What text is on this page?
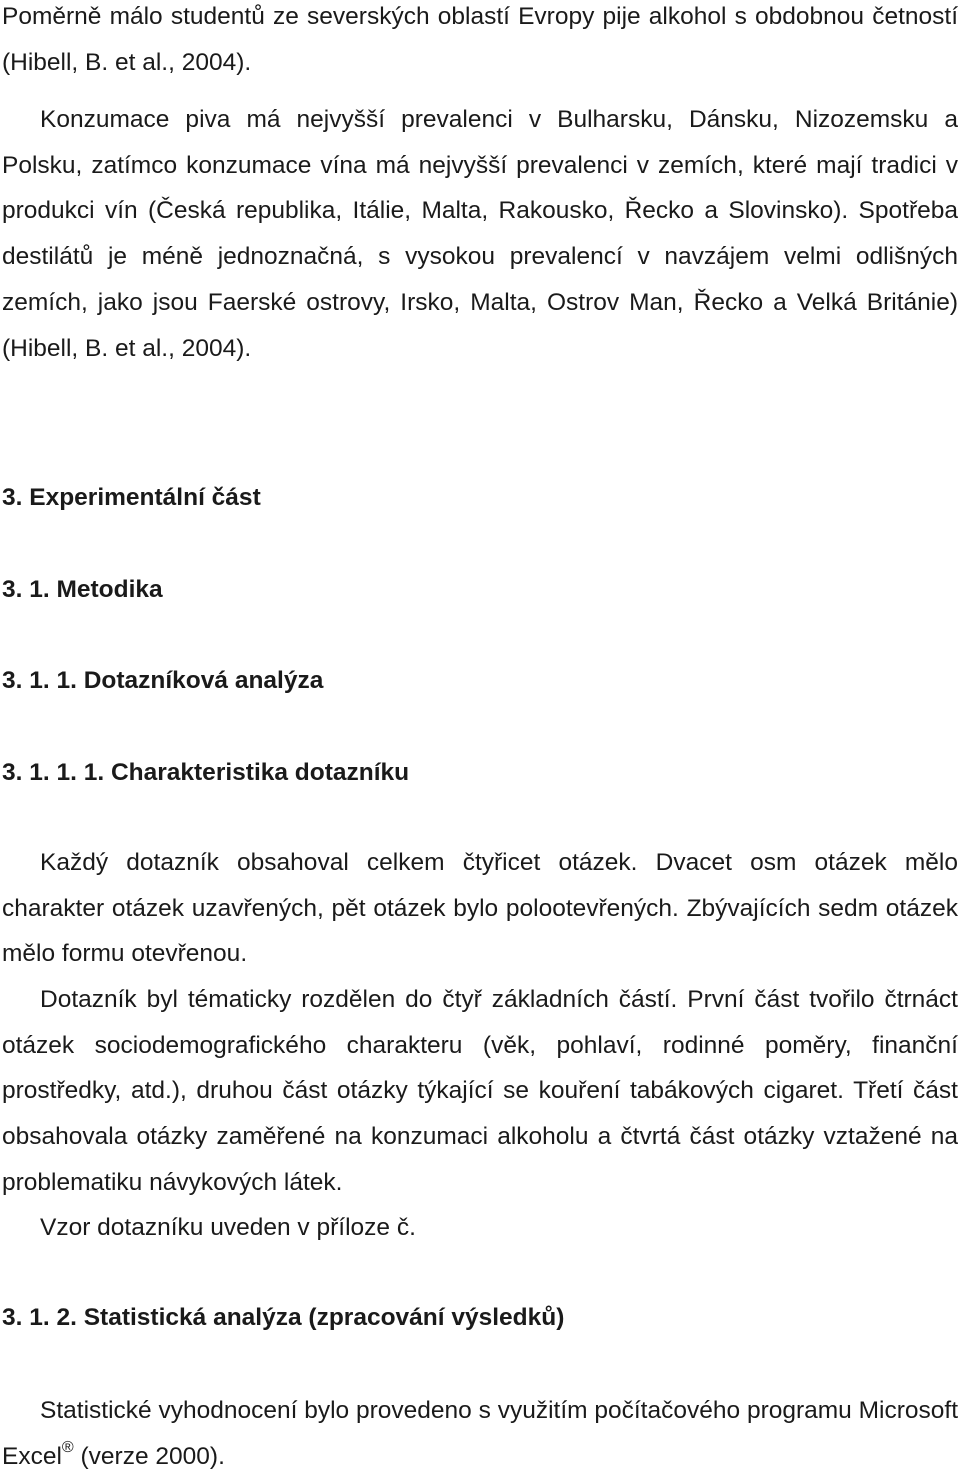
Poměrně málo studentů ze severských oblastí Evropy pije alkohol s obdobnou četností (Hibell, B. et al., 2004).

Konzumace piva má nejvyšší prevalenci v Bulharsku, Dánsku, Nizozemsku a Polsku, zatímco konzumace vína má nejvyšší prevalenci v zemích, které mají tradici v produkci vín (Česká republika, Itálie, Malta, Rakousko, Řecko a Slovinsko). Spotřeba destilátů je méně jednoznačná, s vysokou prevalencí v navzájem velmi odlišných zemích, jako jsou Faerské ostrovy, Irsko, Malta, Ostrov Man, Řecko a Velká Británie) (Hibell, B. et al., 2004).

3. Experimentální část
3. 1. Metodika
3. 1. 1. Dotazníková analýza
3. 1. 1. 1. Charakteristika dotazníku

Každý dotazník obsahoval celkem čtyřicet otázek. Dvacet osm otázek mělo charakter otázek uzavřených, pět otázek bylo polootevřených. Zbývajících sedm otázek mělo formu otevřenou.

Dotazník byl tématicky rozdělen do čtyř základních částí. První část tvořilo čtrnáct otázek sociodemografického charakteru (věk, pohlaví, rodinné poměry, finanční prostředky, atd.), druhou část otázky týkající se kouření tabákových cigaret. Třetí část obsahovala otázky zaměřené na konzumaci alkoholu a čtvrtá část otázky vztažené na problematiku návykových látek.

Vzor dotazníku uveden v příloze č.

3. 1. 2. Statistická analýza (zpracování výsledků)

Statistické vyhodnocení bylo provedeno s využitím počítačového programu Microsoft Excel® (verze 2000).
